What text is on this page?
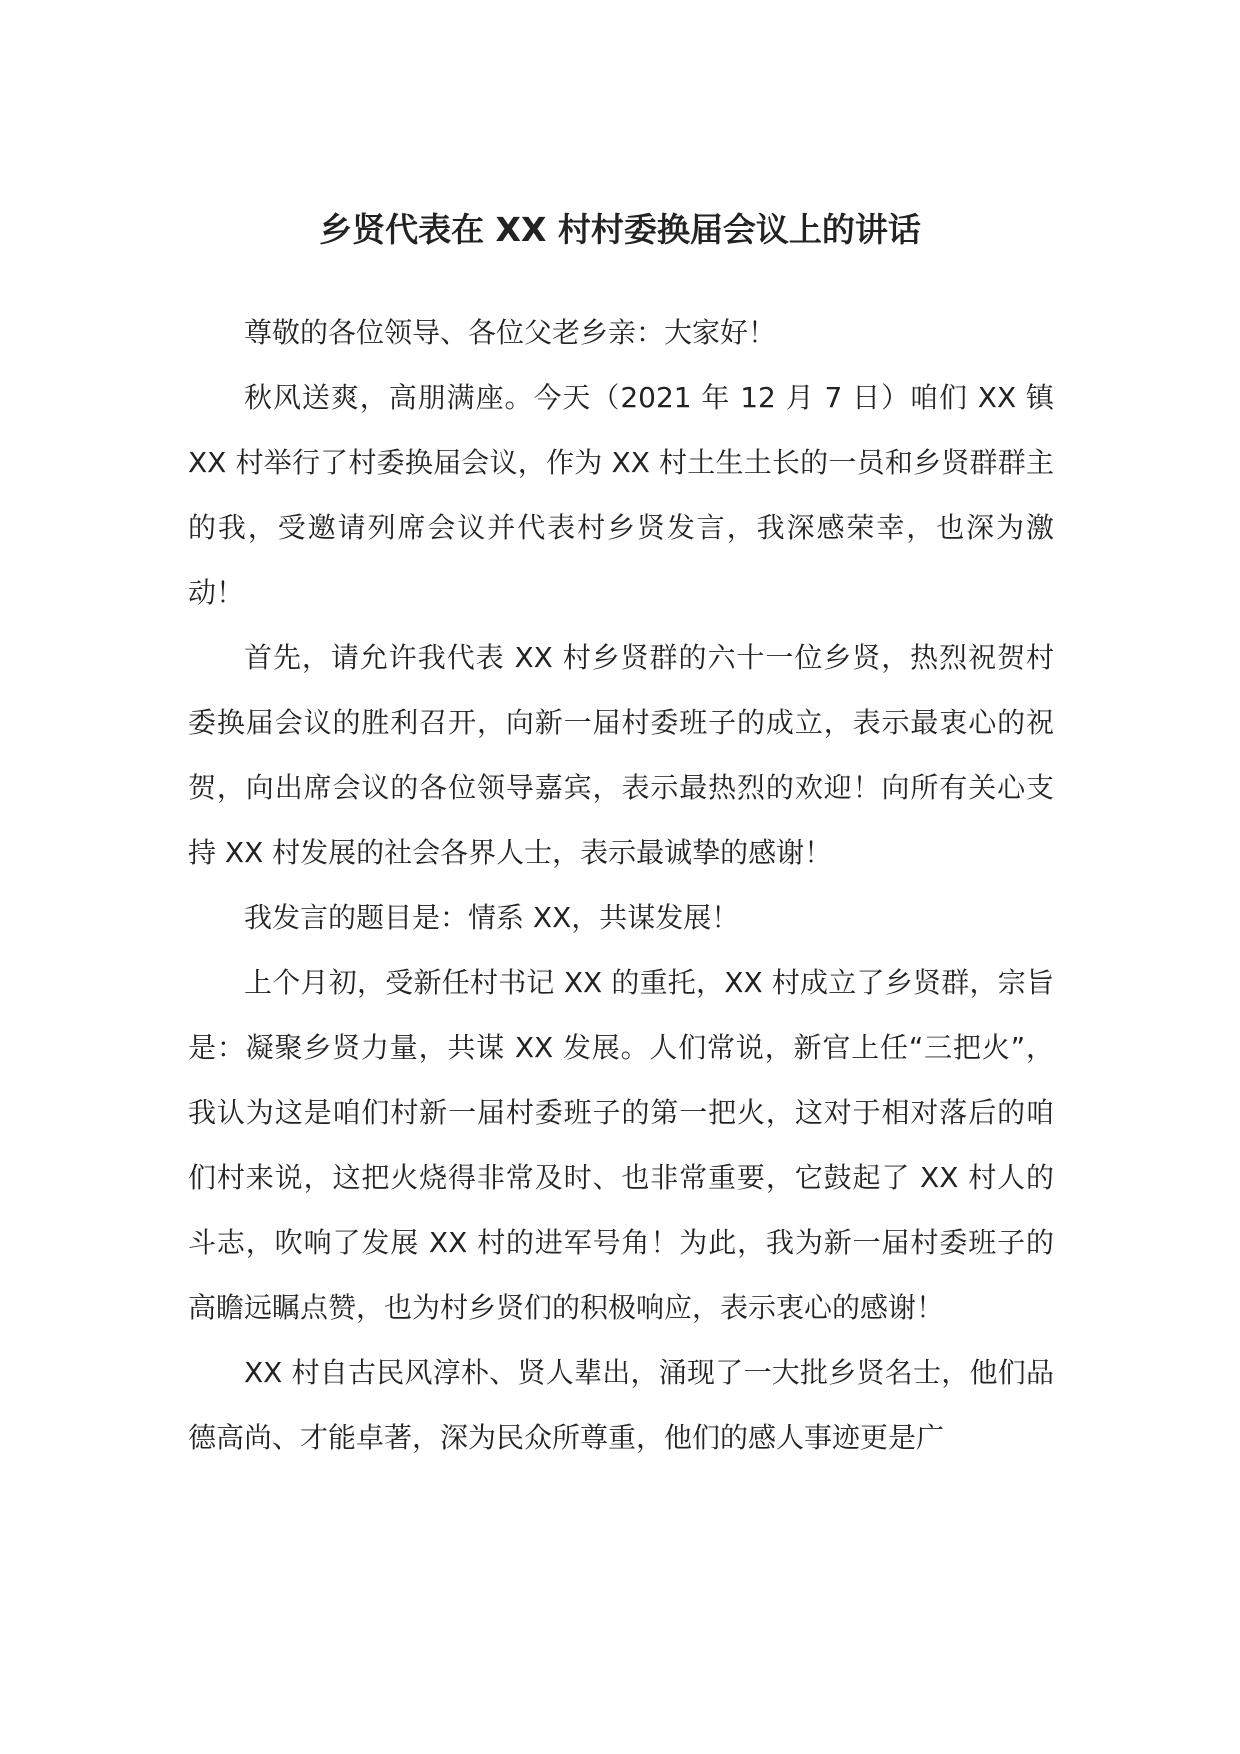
乡贤代表在 XX 村村委换届会议上的讲话

尊敬的各位领导、各位父老乡亲：大家好！

秋风送爽，高朋满座。今天（2021 年 12 月 7 日）咱们 XX 镇 XX 村举行了村委换届会议，作为 XX 村土生土长的一员和乡贤群群主的我，受邀请列席会议并代表村乡贤发言，我深感荣幸，也深为激动！

首先，请允许我代表 XX 村乡贤群的六十一位乡贤，热烈祝贺村委换届会议的胜利召开，向新一届村委班子的成立，表示最衷心的祝贺，向出席会议的各位领导嘉宾，表示最热烈的欢迎！向所有关心支持 XX 村发展的社会各界人士，表示最诚挚的感谢！

我发言的题目是：情系 XX，共谋发展！

上个月初，受新任村书记 XX 的重托，XX 村成立了乡贤群，宗旨是：凝聚乡贤力量，共谋 XX 发展。人们常说，新官上任“三把火”，我认为这是咱们村新一届村委班子的第一把火，这对于相对落后的咱们村来说，这把火烧得非常及时、也非常重要，它鼓起了 XX 村人的斗志，吹响了发展 XX 村的进军号角！为此，我为新一届村委班子的高瞻远瞩点赞，也为村乡贤们的积极响应，表示衷心的感谢！

XX 村自古民风淳朴、贤人辈出，涌现了一大批乡贤名士，他们品德高尚、才能卓著，深为民众所尊重，他们的感人事迹更是广
